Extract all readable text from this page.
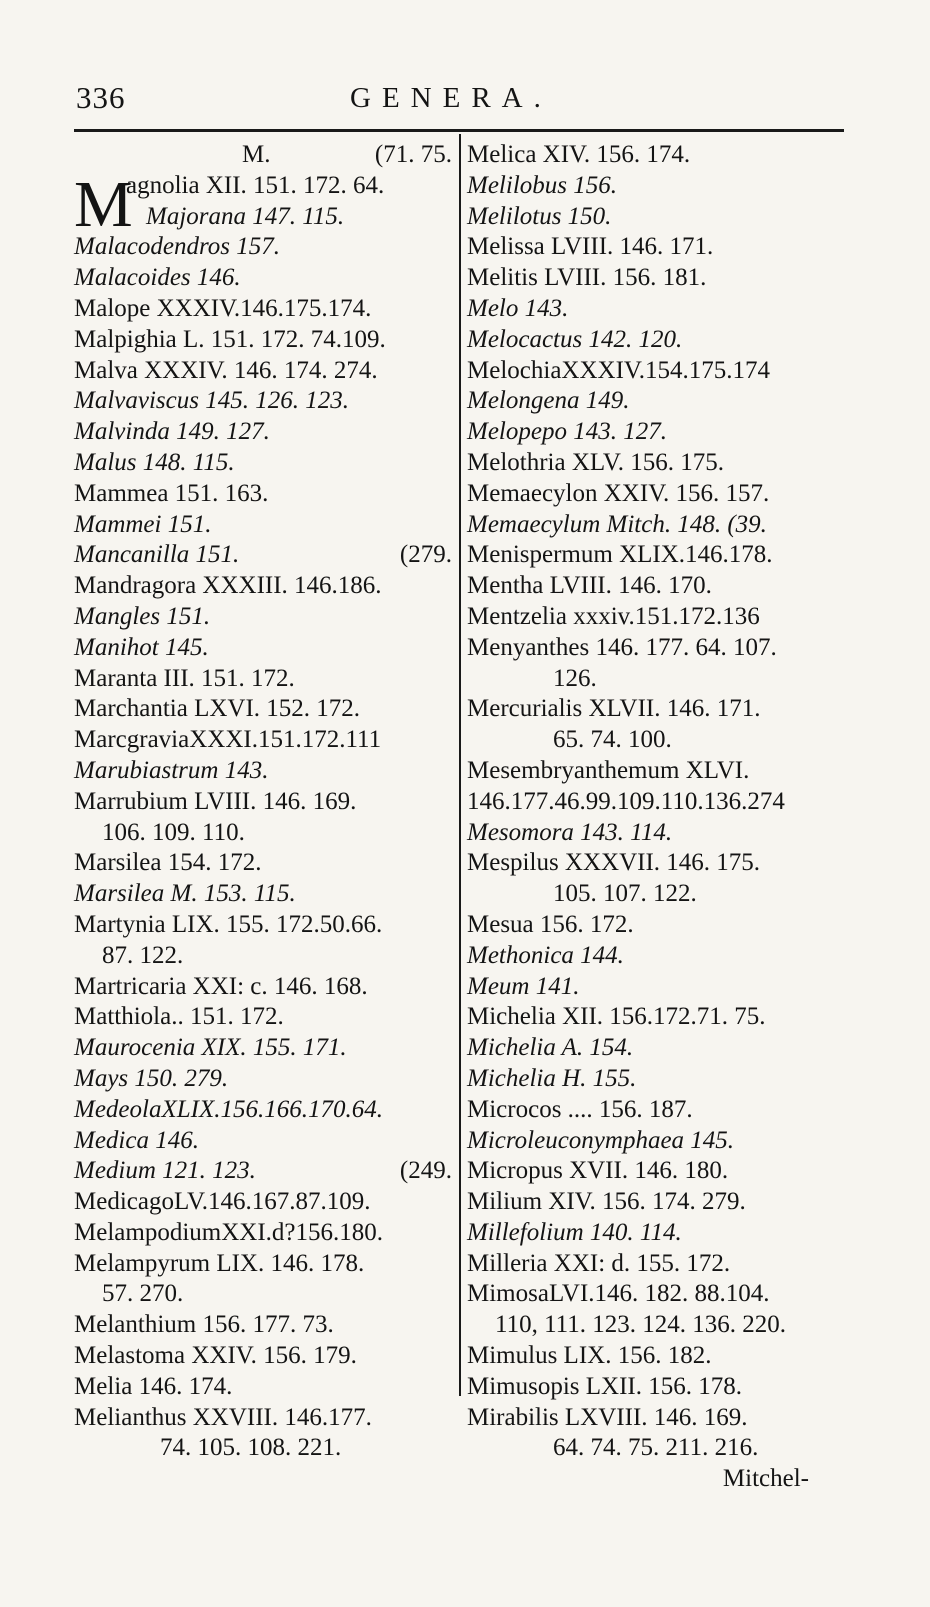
336	GENERA.
M.	(71. 75.
M
agnolia XII. 151. 172. 64.
Majorana 147. 115.
Malacodendros 157.
Malacoides 146.
Malope XXXIV.146.175.174.
Malpighia L. 151. 172. 74.109.
Malva XXXIV. 146. 174. 274.
Malvaviscus 145. 126. 123.
Malvinda 149. 127.
Malus 148. 115.
Mammea 151. 163.
Mammei 151.
Mancanilla 151.	(279.
Mandragora XXXIII. 146.186.
Mangles 151.
Manihot 145.
Maranta III. 151. 172.
Marchantia LXVI. 152. 172.
MarcgraviaXXXI.151.172.111
Marubiastrum 143.
Marrubium LVIII. 146. 169.
106. 109. 110.
Marsilea 154. 172.
Marsilea M. 153. 115.
Martynia LIX. 155. 172.50.66.
87. 122.
Martricaria XXI: c. 146. 168.
Matthiola.. 151. 172.
Maurocenia XIX. 155. 171.
Mays 150. 279.
MedeolaXLIX.156.166.170.64.
Medica 146.
Medium 121. 123.	(249.
MedicagoLV.146.167.87.109.
MelampodiumXXI.d?156.180.
Melampyrum LIX. 146. 178.
57. 270.
Melanthium 156. 177. 73.
Melastoma XXIV. 156. 179.
Melia 146. 174.
Melianthus XXVIII. 146.177.
74. 105. 108. 221.
Melica XIV. 156. 174.
Melilobus 156.
Melilotus 150.
Melissa LVIII. 146. 171.
Melitis LVIII. 156. 181.
Melo 143.
Melocactus 142. 120.
MelochiaXXXIV.154.175.174
Melongena 149.
Melopepo 143. 127.
Melothria XLV. 156. 175.
Memaecylon XXIV. 156. 157.
Memaecylum Mitch. 148. (39.
Menispermum XLIX.146.178.
Mentha LVIII. 146. 170.
Mentzelia xxxiv.151.172.136
Menyanthes 146. 177. 64. 107.
126.
Mercurialis XLVII. 146. 171.
65. 74. 100.
Mesembryanthemum XLVI.
146.177.46.99.109.110.136.274
Mesomora 143. 114.
Mespilus XXXVII. 146. 175.
105. 107. 122.
Mesua 156. 172.
Methonica 144.
Meum 141.
Michelia XII. 156.172.71. 75.
Michelia A. 154.
Michelia H. 155.
Microcos .... 156. 187.
Microleuconymphaea 145.
Micropus XVII. 146. 180.
Milium XIV. 156. 174. 279.
Millefolium 140. 114.
Milleria XXI: d. 155. 172.
MimosaLVI.146. 182. 88.104.
110, 111. 123. 124. 136. 220.
Mimulus LIX. 156. 182.
Mimusopis LXII. 156. 178.
Mirabilis LXVIII. 146. 169.
64. 74. 75. 211. 216.
Mitchel-
